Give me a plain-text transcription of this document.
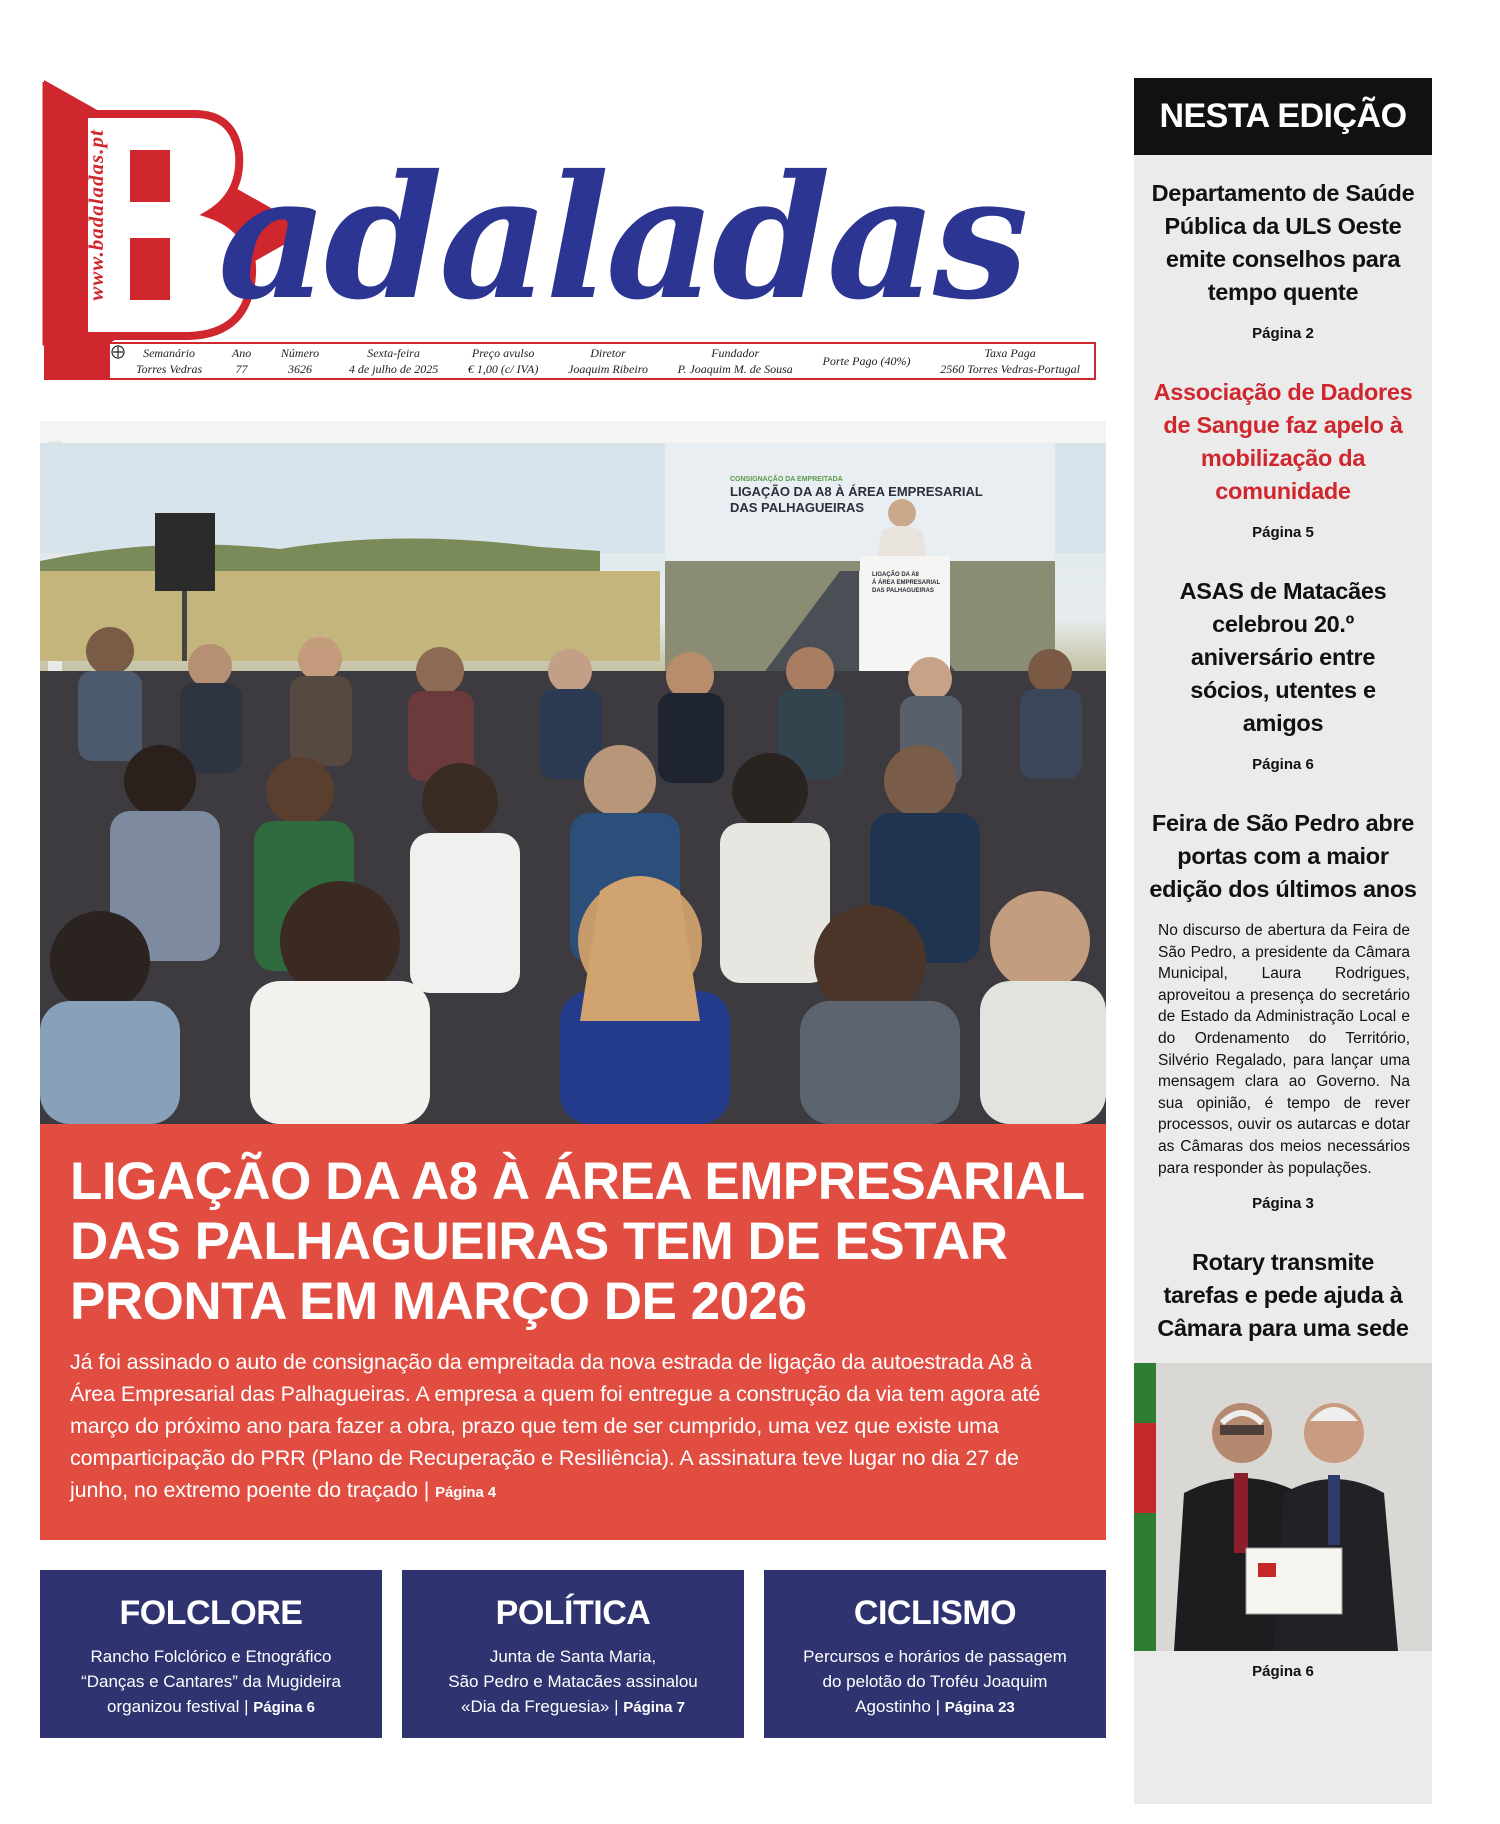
www.badaladas.pt adaladas
Semanário
Torres Vedras
Ano
77
Número
3626
Sexta-feira
4 de julho de 2025
Preço avulso
€ 1,00 (c/ IVA)
Diretor
Joaquim Ribeiro
Fundador
P. Joaquim M. de Sousa
Porte Pago (40%)
Taxa Paga
2560 Torres Vedras-Portugal
CONSIGNAÇÃO DA EMPREITADA
LIGAÇÃO DA A8 À ÁREA EMPRESARIAL
DAS PALHAGUEIRAS
LIGAÇÃO DA A8
À ÁREA EMPRESARIAL
DAS PALHAGUEIRAS
LIGAÇÃO DA A8 À ÁREA EMPRESARIAL
DAS PALHAGUEIRAS TEM DE ESTAR
PRONTA EM MARÇO DE 2026

Já foi assinado o auto de consignação da empreitada da nova estrada de ligação da autoestrada A8 à Área Empresarial das Palhagueiras. A empresa a quem foi entregue a construção da via tem agora até março do próximo ano para fazer a obra, prazo que tem de ser cumprido, uma vez que existe uma comparticipação do PRR (Plano de Recuperação e Resiliência). A assinatura teve lugar no dia 27 de junho, no extremo poente do traçado | Página 4

FOLCLORE
Rancho Folclórico e Etnográfico
“Danças e Cantares” da Mugideira
organizou festival | Página 6
POLÍTICA
Junta de Santa Maria,
São Pedro e Matacães assinalou
«Dia da Freguesia» | Página 7
CICLISMO
Percursos e horários de passagem
do pelotão do Troféu Joaquim
Agostinho | Página 23
NESTA EDIÇÃO
Departamento de Saúde
Pública da ULS Oeste
emite conselhos para
tempo quente
Página 2
Associação de Dadores
de Sangue faz apelo à
mobilização da
comunidade
Página 5
ASAS de Matacães
celebrou 20.º
aniversário entre
sócios, utentes e
amigos
Página 6
Feira de São Pedro abre
portas com a maior
edição dos últimos anos
No discurso de abertura da Feira de São Pedro, a presidente da Câmara Municipal, Laura Rodrigues, aproveitou a presença do secretário de Estado da Administração Local e do Ordenamento do Território, Silvério Regalado, para lançar uma mensagem clara ao Governo. Na sua opinião, é tempo de rever processos, ouvir os autarcas e dotar as Câmaras dos meios necessários para responder às populações.
Página 3
Rotary transmite
tarefas e pede ajuda à
Câmara para uma sede
Página 6
